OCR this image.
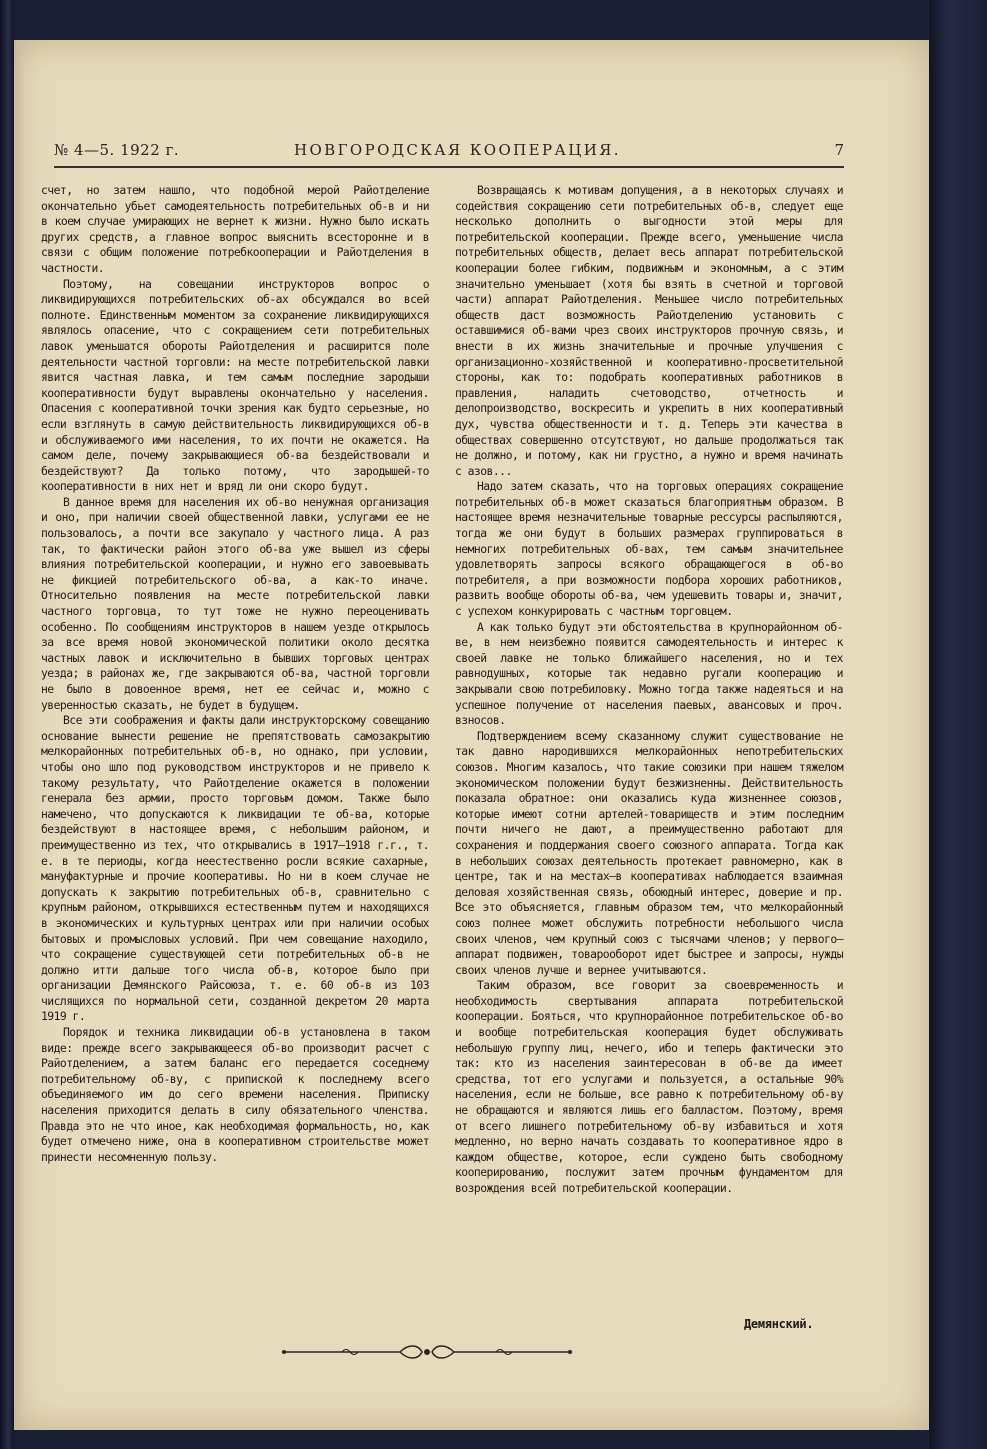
№ 4—5. 1922 г.	НОВГОРОДСКАЯ КООПЕРАЦИЯ.	7

счет, но затем нашло, что подобной мерой Райотделение окончательно убьет самодеятельность потребительных об-в и ни в коем случае умирающих не вернет к жизни. Нужно было искать других средств, а главное вопрос выяснить всесторонне и в связи с общим положение потребкооперации и Райотделения в частности.

Поэтому, на совещании инструкторов вопрос о ликвидирующихся потребительских об-ах обсуждался во всей полноте. Единственным моментом за сохранение ликвидирующихся являлось опасение, что с сокращением сети потребительных лавок уменьшатся обороты Райотделения и расширится поле деятельности частной торговли: на месте потребительской лавки явится частная лавка, и тем самым последние зародыши кооперативности будут выравлены окончательно у населения. Опасения с кооперативной точки зрения как будто серьезные, но если взглянуть в самую действительность ликвидирующихся об-в и обслуживаемого ими населения, то их почти не окажется. На самом деле, почему закрывающиеся об-ва бездействовали и бездействуют? Да только потому, что зародышей-то кооперативности в них нет и вряд ли они скоро будут.

В данное время для населения их об-во ненужная организация и оно, при наличии своей общественной лавки, услугами ее не пользовалось, а почти все закупало у частного лица. А раз так, то фактически район этого об-ва уже вышел из сферы влияния потребительской кооперации, и нужно его завоевывать не фикцией потребительского об-ва, а как-то иначе. Относительно появления на месте потребительской лавки частного торговца, то тут тоже не нужно переоценивать особенно. По сообщениям инструкторов в нашем уезде открылось за все время новой экономической политики около десятка частных лавок и исключительно в бывших торговых центрах уезда; в районах же, где закрываются об-ва, частной торговли не было в довоенное время, нет ее сейчас и, можно с уверенностью сказать, не будет в будущем.

Все эти соображения и факты дали инструкторскому совещанию основание вынести решение не препятствовать самозакрытию мелкорайонных потребительных об-в, но однако, при условии, чтобы оно шло под руководством инструкторов и не привело к такому результату, что Райотделение окажется в положении генерала без армии, просто торговым домом. Также было намечено, что допускаются к ликвидации те об-ва, которые бездействуют в настоящее время, с небольшим районом, и преимущественно из тех, что открывались в 1917—1918 г.г., т. е. в те периоды, когда неестественно росли всякие сахарные, мануфактурные и прочие кооперативы. Но ни в коем случае не допускать к закрытию потребительных об-в, сравнительно с крупным районом, открывшихся естественным путем и находящихся в экономических и культурных центрах или при наличии особых бытовых и промысловых условий. При чем совещание находило, что сокращение существующей сети потребительных об-в не должно итти дальше того числа об-в, которое было при организации Демянского Райсоюза, т. е. 60 об-в из 103 числящихся по нормальной сети, созданной декретом 20 марта 1919 г.

Порядок и техника ликвидации об-в установлена в таком виде: прежде всего закрывающееся об-во производит расчет с Райотделением, а затем баланс его передается соседнему потребительному об-ву, с припиской к последнему всего объединяемого им до сего времени населения. Приписку населения приходится делать в силу обязательного членства. Правда это не что иное, как необходимая формальность, но, как будет отмечено ниже, она в кооперативном строительстве может принести несомненную пользу.

Возвращаясь к мотивам допущения, а в некоторых случаях и содействия сокращению сети потребительных об-в, следует еще несколько дополнить о выгодности этой меры для потребительской кооперации. Прежде всего, уменьшение числа потребительных обществ, делает весь аппарат потребительской кооперации более гибким, подвижным и экономным, а с этим значительно уменьшает (хотя бы взять в счетной и торговой части) аппарат Райотделения. Меньшее число потребительных обществ даст возможность Райотделению установить с оставшимися об-вами чрез своих инструкторов прочную связь, и внести в их жизнь значительные и прочные улучшения с организационно-хозяйственной и кооперативно-просветительной стороны, как то: подобрать кооперативных работников в правления, наладить счетоводство, отчетность и делопроизводство, воскресить и укрепить в них кооперативный дух, чувства общественности и т. д. Теперь эти качества в обществах совершенно отсутствуют, но дальше продолжаться так не должно, и потому, как ни грустно, а нужно и время начинать с азов...

Надо затем сказать, что на торговых операциях сокращение потребительных об-в может сказаться благоприятным образом. В настоящее время незначительные товарные рессурсы распыляются, тогда же они будут в больших размерах группироваться в немногих потребительных об-вах, тем самым значительнее удовлетворять запросы всякого обращающегося в об-во потребителя, а при возможности подбора хороших работников, развить вообще обороты об-ва, чем удешевить товары и, значит, с успехом конкурировать с частным торговцем.

А как только будут эти обстоятельства в крупнорайонном об-ве, в нем неизбежно появится самодеятельность и интерес к своей лавке не только ближайшего населения, но и тех равнодушных, которые так недавно ругали кооперацию и закрывали свою потребиловку. Можно тогда также надеяться и на успешное получение от населения паевых, авансовых и проч. взносов.

Подтверждением всему сказанному служит существование не так давно народившихся мелкорайонных непотребительских союзов. Многим казалось, что такие союзики при нашем тяжелом экономическом положении будут безжизненны. Действительность показала обратное: они оказались куда жизненнее союзов, которые имеют сотни артелей-товариществ и этим последним почти ничего не дают, а преимущественно работают для сохранения и поддержания своего союзного аппарата. Тогда как в небольших союзах деятельность протекает равномерно, как в центре, так и на местах—в кооперативах наблюдается взаимная деловая хозяйственная связь, обоюдный интерес, доверие и пр. Все это объясняется, главным образом тем, что мелкорайонный союз полнее может обслужить потребности небольшого числа своих членов, чем крупный союз с тысячами членов; у первого—аппарат подвижен, товарооборот идет быстрее и запросы, нужды своих членов лучше и вернее учитываются.

Таким образом, все говорит за своевременность и необходимость свертывания аппарата потребительской кооперации. Бояться, что крупнорайонное потребительское об-во и вообще потребительская кооперация будет обслуживать небольшую группу лиц, нечего, ибо и теперь фактически это так: кто из населения заинтересован в об-ве да имеет средства, тот его услугами и пользуется, а остальные 90% населения, если не больше, все равно к потребительному об-ву не обращаются и являются лишь его балластом. Поэтому, время от всего лишнего потребительному об-ву избавиться и хотя медленно, но верно начать создавать то кооперативное ядро в каждом обществе, которое, если суждено быть свободному кооперированию, послужит затем прочным фундаментом для возрождения всей потребительской кооперации.

Демянский.
